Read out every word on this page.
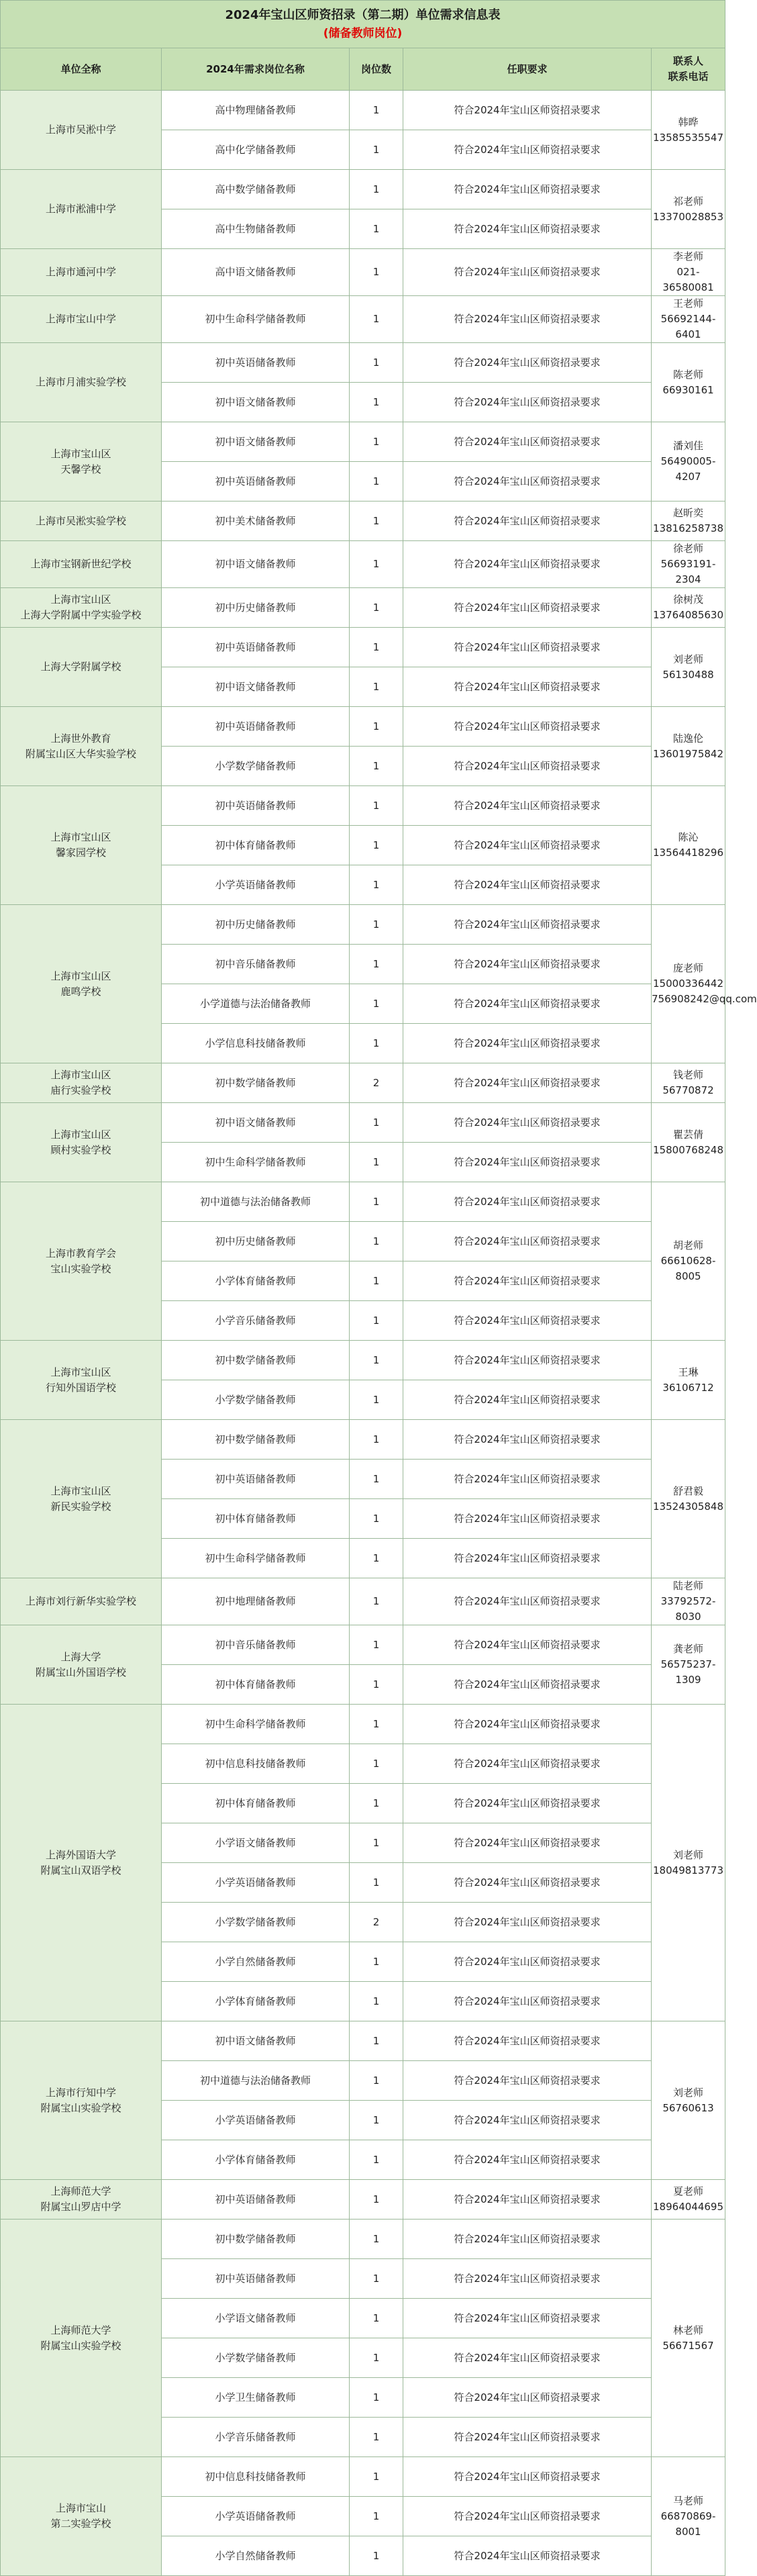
2024年宝山区师资招录（第二期）单位需求信息表
(储备教师岗位)				

单位全称	2024年需求岗位名称	岗位数	任职要求	联系人
联系电话

上海市吴淞中学	高中物理储备教师	1	符合2024年宝山区师资招录要求	韩晔
13585535547

	高中化学储备教师	1	符合2024年宝山区师资招录要求	

上海市淞浦中学	高中数学储备教师	1	符合2024年宝山区师资招录要求	祁老师
13370028853

	高中生物储备教师	1	符合2024年宝山区师资招录要求	

上海市通河中学	高中语文储备教师	1	符合2024年宝山区师资招录要求	李老师
021-36580081

上海市宝山中学	初中生命科学储备教师	1	符合2024年宝山区师资招录要求	王老师
56692144-6401

上海市月浦实验学校	初中英语储备教师	1	符合2024年宝山区师资招录要求	陈老师
66930161

	初中语文储备教师	1	符合2024年宝山区师资招录要求	

上海市宝山区
天馨学校	初中语文储备教师	1	符合2024年宝山区师资招录要求	潘刘佳
56490005-4207

	初中英语储备教师	1	符合2024年宝山区师资招录要求	

上海市吴淞实验学校	初中美术储备教师	1	符合2024年宝山区师资招录要求	赵昕奕
13816258738

上海市宝钢新世纪学校	初中语文储备教师	1	符合2024年宝山区师资招录要求	徐老师
56693191-2304

上海市宝山区
上海大学附属中学实验学校	初中历史储备教师	1	符合2024年宝山区师资招录要求	徐树茂
13764085630

上海大学附属学校	初中英语储备教师	1	符合2024年宝山区师资招录要求	刘老师
56130488

	初中语文储备教师	1	符合2024年宝山区师资招录要求	

上海世外教育
附属宝山区大华实验学校	初中英语储备教师	1	符合2024年宝山区师资招录要求	陆逸伦
13601975842

	小学数学储备教师	1	符合2024年宝山区师资招录要求	

上海市宝山区
馨家园学校	初中英语储备教师	1	符合2024年宝山区师资招录要求	陈沁
13564418296

	初中体育储备教师	1	符合2024年宝山区师资招录要求	
	小学英语储备教师	1	符合2024年宝山区师资招录要求	

上海市宝山区
鹿鸣学校	初中历史储备教师	1	符合2024年宝山区师资招录要求	庞老师
15000336442
756908242@qq.com

	初中音乐储备教师	1	符合2024年宝山区师资招录要求	
	小学道德与法治储备教师	1	符合2024年宝山区师资招录要求	
	小学信息科技储备教师	1	符合2024年宝山区师资招录要求	

上海市宝山区
庙行实验学校	初中数学储备教师	2	符合2024年宝山区师资招录要求	钱老师
56770872

上海市宝山区
顾村实验学校	初中语文储备教师	1	符合2024年宝山区师资招录要求	瞿芸倩
15800768248

	初中生命科学储备教师	1	符合2024年宝山区师资招录要求	

上海市教育学会
宝山实验学校	初中道德与法治储备教师	1	符合2024年宝山区师资招录要求	胡老师
66610628-8005

	初中历史储备教师	1	符合2024年宝山区师资招录要求	
	小学体育储备教师	1	符合2024年宝山区师资招录要求	
	小学音乐储备教师	1	符合2024年宝山区师资招录要求	

上海市宝山区
行知外国语学校	初中数学储备教师	1	符合2024年宝山区师资招录要求	王琳
36106712

	小学数学储备教师	1	符合2024年宝山区师资招录要求	

上海市宝山区
新民实验学校	初中数学储备教师	1	符合2024年宝山区师资招录要求	舒君毅
13524305848

	初中英语储备教师	1	符合2024年宝山区师资招录要求	
	初中体育储备教师	1	符合2024年宝山区师资招录要求	
	初中生命科学储备教师	1	符合2024年宝山区师资招录要求	

上海市刘行新华实验学校	初中地理储备教师	1	符合2024年宝山区师资招录要求	陆老师
33792572-8030

上海大学
附属宝山外国语学校	初中音乐储备教师	1	符合2024年宝山区师资招录要求	龚老师
56575237-1309

	初中体育储备教师	1	符合2024年宝山区师资招录要求	

上海外国语大学
附属宝山双语学校	初中生命科学储备教师	1	符合2024年宝山区师资招录要求	刘老师
18049813773

	初中信息科技储备教师	1	符合2024年宝山区师资招录要求	
	初中体育储备教师	1	符合2024年宝山区师资招录要求	
	小学语文储备教师	1	符合2024年宝山区师资招录要求	
	小学英语储备教师	1	符合2024年宝山区师资招录要求	
	小学数学储备教师	2	符合2024年宝山区师资招录要求	
	小学自然储备教师	1	符合2024年宝山区师资招录要求	
	小学体育储备教师	1	符合2024年宝山区师资招录要求	

上海市行知中学
附属宝山实验学校	初中语文储备教师	1	符合2024年宝山区师资招录要求	刘老师
56760613

	初中道德与法治储备教师	1	符合2024年宝山区师资招录要求	
	小学英语储备教师	1	符合2024年宝山区师资招录要求	
	小学体育储备教师	1	符合2024年宝山区师资招录要求	

上海师范大学
附属宝山罗店中学	初中英语储备教师	1	符合2024年宝山区师资招录要求	夏老师
18964044695

上海师范大学
附属宝山实验学校	初中数学储备教师	1	符合2024年宝山区师资招录要求	林老师
56671567

	初中英语储备教师	1	符合2024年宝山区师资招录要求	
	小学语文储备教师	1	符合2024年宝山区师资招录要求	
	小学数学储备教师	1	符合2024年宝山区师资招录要求	
	小学卫生储备教师	1	符合2024年宝山区师资招录要求	
	小学音乐储备教师	1	符合2024年宝山区师资招录要求	

上海市宝山
第二实验学校	初中信息科技储备教师	1	符合2024年宝山区师资招录要求	马老师
66870869-8001

	小学英语储备教师	1	符合2024年宝山区师资招录要求	
	小学自然储备教师	1	符合2024年宝山区师资招录要求	
